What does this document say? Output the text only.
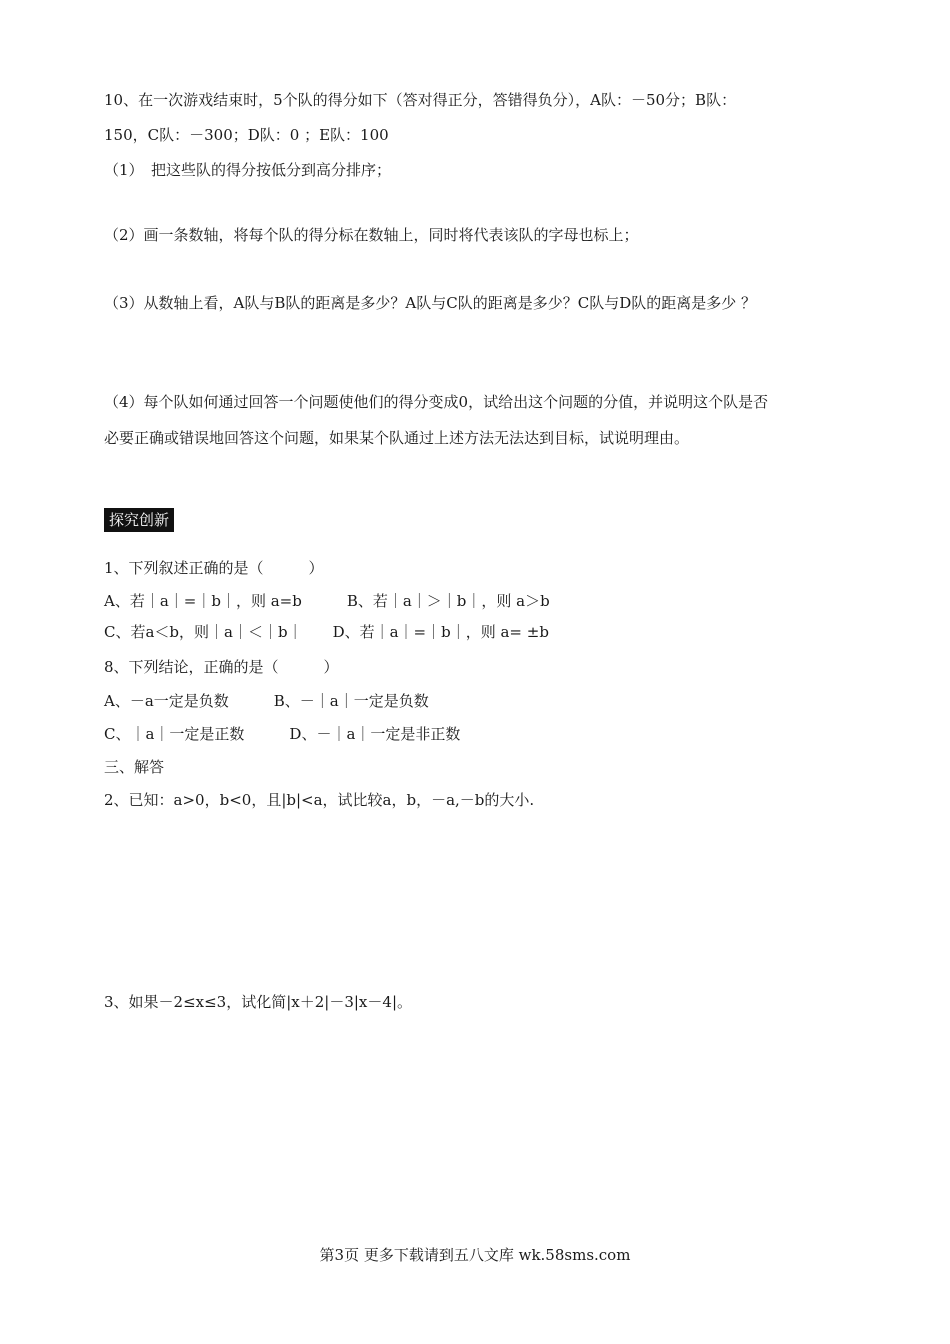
10、在一次游戏结束时，5个队的得分如下（答对得正分，答错得负分），A队：－50分；B队：
150，C队：－300；D队：0 ；E队：100
（1）　把这些队的得分按低分到高分排序；
（2）画一条数轴，将每个队的得分标在数轴上，同时将代表该队的字母也标上；
（3）从数轴上看，A队与B队的距离是多少？A队与C队的距离是多少？C队与D队的距离是多少 ？
（4）每个队如何通过回答一个问题使他们的得分变成0，试给出这个问题的分值，并说明这个队是否
必要正确或错误地回答这个问题，如果某个队通过上述方法无法达到目标，试说明理由。
探究创新
1、下列叙述正确的是（　　　）
A、若｜a｜=｜b｜，则 a=b　　　B、若｜a｜＞｜b｜，则 a＞b
C、若a＜b，则｜a｜＜｜b｜　　D、若｜a｜=｜b｜，则 a= ±b
8、下列结论，正确的是（　　　）
A、－a一定是负数　　　B、－｜a｜一定是负数
C、｜a｜一定是正数　　　D、－｜a｜一定是非正数
三、解答
2、已知：a>0，b<0，且|b|<a，试比较a，b，－a,－b的大小.
3、如果－2≤x≤3，试化简|x＋2|－3|x－4|。
第3页 更多下载请到五八文库 wk.58sms.com
